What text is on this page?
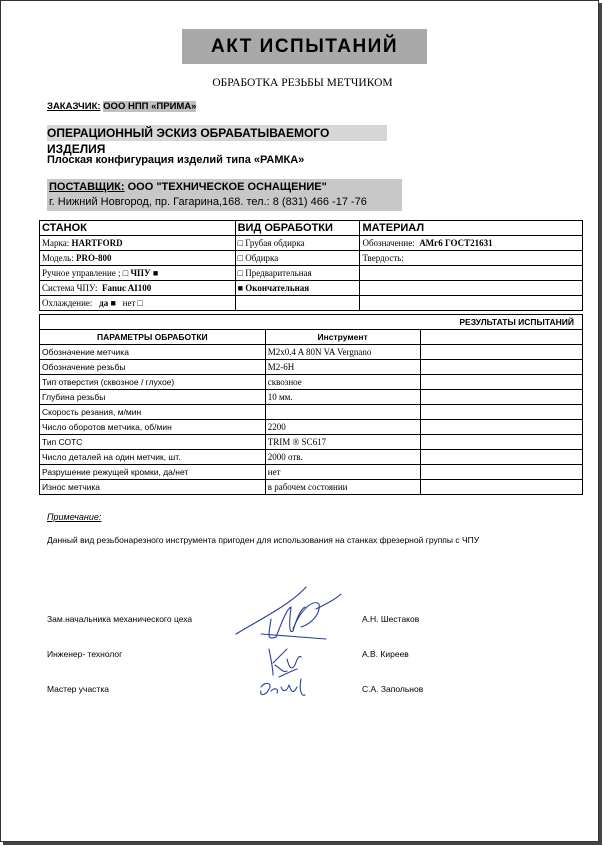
АКТ ИСПЫТАНИЙ
ОБРАБОТКА РЕЗЬБЫ МЕТЧИКОМ
ЗАКАЗЧИК: ООО НПП «ПРИМА»
ОПЕРАЦИОННЫЙ ЭСКИЗ ОБРАБАТЫВАЕМОГО ИЗДЕЛИЯ
Плоская конфигурация изделий типа «РАМКА»
ПОСТАВЩИК: ООО "ТЕХНИЧЕСКОЕ ОСНАЩЕНИЕ"
г. Нижний Новгород, пр. Гагарина,168. тел.: 8 (831) 466 -17 -76
СТАНОК	ВИД ОБРАБОТКИ	МАТЕРИАЛ
Марка: HARTFORD	□ Грубая обдирка	Обозначение: АМг6 ГОСТ21631
Модель: PRO-800	□ Обдирка	Твердость:
Ручное управление ; □ ЧПУ ■	□ Предварительная	
Система ЧПУ: Fanuc AI100	■ Окончательная	
Охлаждение: да ■ нет □		
РЕЗУЛЬТАТЫ ИСПЫТАНИЙ		
ПАРАМЕТРЫ ОБРАБОТКИ	Инструмент	
Обозначение метчика	M2x0.4 A 80N VA Vergnano	
Обозначение резьбы	M2-6H	
Тип отверстия (сквозное / глухое)	сквозное	
Глубина резьбы	10 мм.	
Скорость резания, м/мин		
Число оборотов метчика, об/мин	2200	
Тип СОТС	TRIM ® SC617	
Число деталей на один метчик, шт.	2000 отв.	
Разрушение режущей кромки, да/нет	нет	
Износ метчика	в рабочем состоянии	
Примечание:
Данный вид резьбонарезного инструмента пригоден для использования на станках фрезерной группы с ЧПУ
Зам.начальника механического цеха	А.Н. Шестаков
Инженер- технолог	А.В. Киреев
Мастер участка	С.А. Запольнов
